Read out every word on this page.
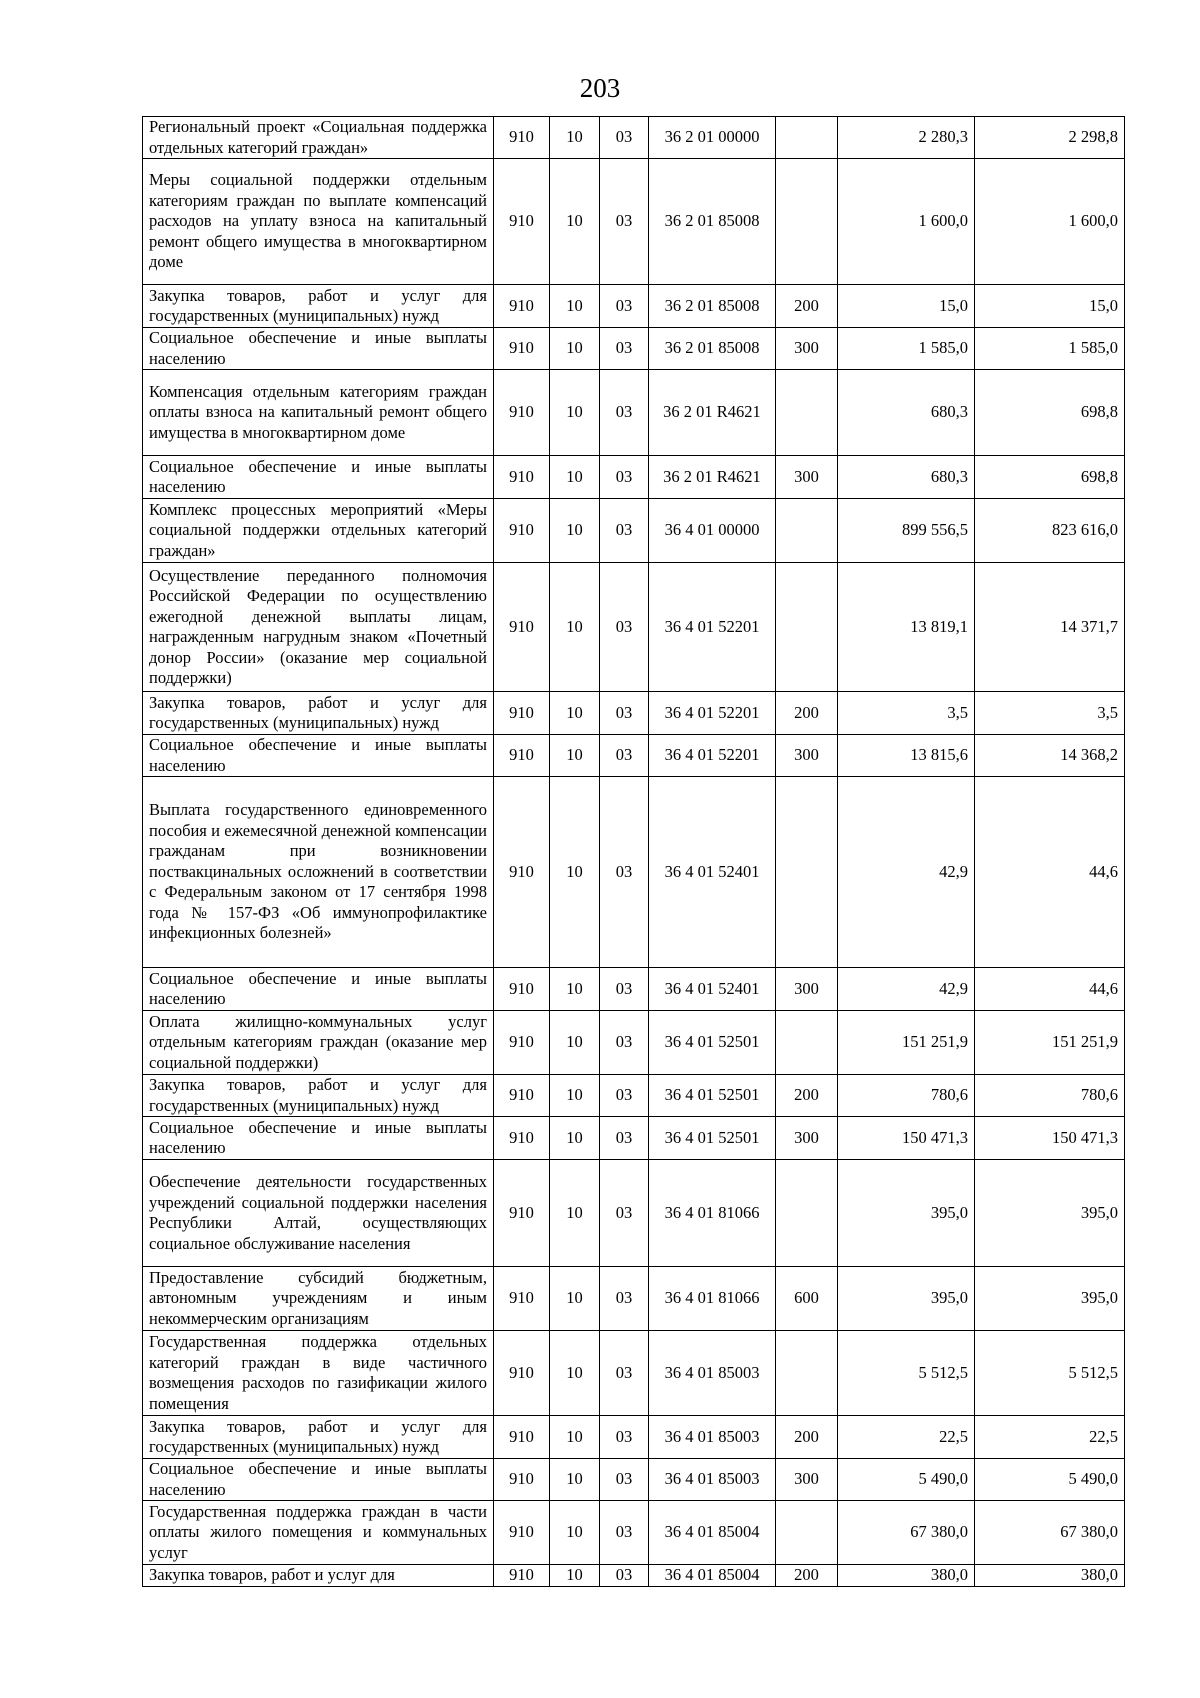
203
Региональный проект «Социальная поддержка отдельных категорий граждан»	910	10	03	36 2 01 00000		2 280,3	2 298,8
Меры социальной поддержки отдельным категориям граждан по выплате компенсаций расходов на уплату взноса на капитальный ремонт общего имущества в многоквартирном доме	910	10	03	36 2 01 85008		1 600,0	1 600,0
Закупка товаров, работ и услуг для государственных (муниципальных) нужд	910	10	03	36 2 01 85008	200	15,0	15,0
Социальное обеспечение и иные выплаты населению	910	10	03	36 2 01 85008	300	1 585,0	1 585,0
Компенсация отдельным категориям граждан оплаты взноса на капитальный ремонт общего имущества в многоквартирном доме	910	10	03	36 2 01 R4621		680,3	698,8
Социальное обеспечение и иные выплаты населению	910	10	03	36 2 01 R4621	300	680,3	698,8
Комплекс процессных мероприятий «Меры социальной поддержки отдельных категорий граждан»	910	10	03	36 4 01 00000		899 556,5	823 616,0
Осуществление переданного полномочия Российской Федерации по осуществлению ежегодной денежной выплаты лицам, награжденным нагрудным знаком «Почетный донор России» (оказание мер социальной поддержки)	910	10	03	36 4 01 52201		13 819,1	14 371,7
Закупка товаров, работ и услуг для государственных (муниципальных) нужд	910	10	03	36 4 01 52201	200	3,5	3,5
Социальное обеспечение и иные выплаты населению	910	10	03	36 4 01 52201	300	13 815,6	14 368,2
Выплата государственного единовременного пособия и ежемесячной денежной компенсации гражданам при возникновении поствакцинальных осложнений в соответствии с Федеральным законом от 17 сентября 1998 года № 157-ФЗ «Об иммунопрофилактике инфекционных болезней»	910	10	03	36 4 01 52401		42,9	44,6
Социальное обеспечение и иные выплаты населению	910	10	03	36 4 01 52401	300	42,9	44,6
Оплата жилищно-коммунальных услуг отдельным категориям граждан (оказание мер социальной поддержки)	910	10	03	36 4 01 52501		151 251,9	151 251,9
Закупка товаров, работ и услуг для государственных (муниципальных) нужд	910	10	03	36 4 01 52501	200	780,6	780,6
Социальное обеспечение и иные выплаты населению	910	10	03	36 4 01 52501	300	150 471,3	150 471,3
Обеспечение деятельности государственных учреждений социальной поддержки населения Республики Алтай, осуществляющих социальное обслуживание населения	910	10	03	36 4 01 81066		395,0	395,0
Предоставление субсидий бюджетным, автономным учреждениям и иным некоммерческим организациям	910	10	03	36 4 01 81066	600	395,0	395,0
Государственная поддержка отдельных категорий граждан в виде частичного возмещения расходов по газификации жилого помещения	910	10	03	36 4 01 85003		5 512,5	5 512,5
Закупка товаров, работ и услуг для государственных (муниципальных) нужд	910	10	03	36 4 01 85003	200	22,5	22,5
Социальное обеспечение и иные выплаты населению	910	10	03	36 4 01 85003	300	5 490,0	5 490,0
Государственная поддержка граждан в части оплаты жилого помещения и коммунальных услуг	910	10	03	36 4 01 85004		67 380,0	67 380,0
Закупка товаров, работ и услуг для	910	10	03	36 4 01 85004	200	380,0	380,0
